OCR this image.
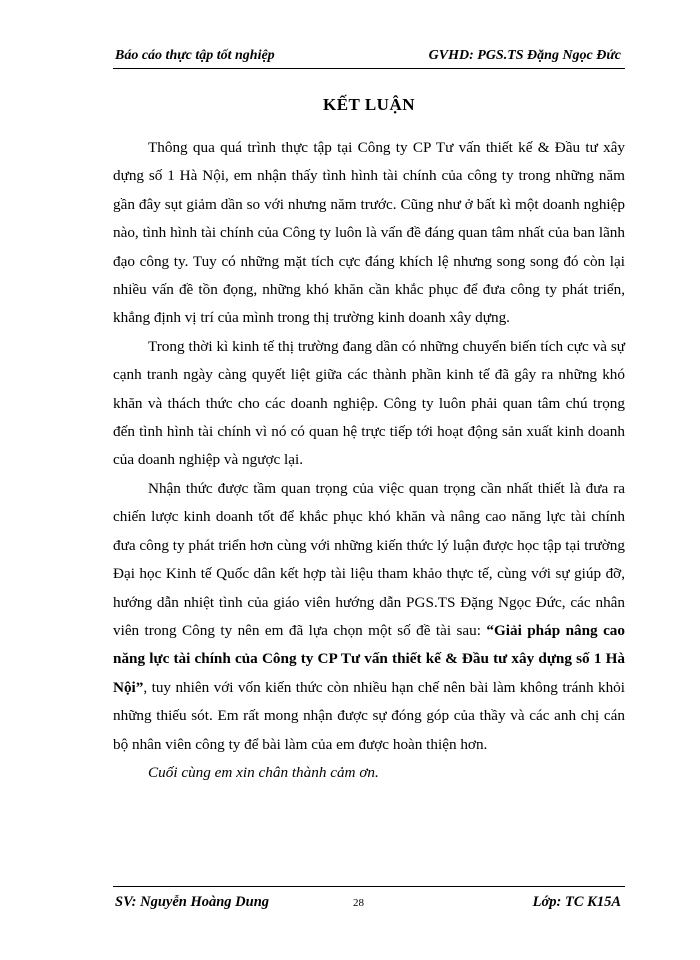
Báo cáo thực tập tốt nghiệp	GVHD: PGS.TS Đặng Ngọc Đức
KẾT LUẬN

Thông qua quá trình thực tập tại Công ty CP Tư vấn thiết kế & Đầu tư xây dựng số 1 Hà Nội, em nhận thấy tình hình tài chính của công ty trong những năm gần đây sụt giảm dần so với nhưng năm trước. Cũng như ở bất kì một doanh nghiệp nào, tình hình tài chính của Công ty luôn là vấn đề đáng quan tâm nhất của ban lãnh đạo công ty. Tuy có những mặt tích cực đáng khích lệ nhưng song song đó còn lại nhiều vấn đề tồn đọng, những khó khăn cần khắc phục để đưa công ty phát triển, khẳng định vị trí của mình trong thị trường kinh doanh xây dựng.

Trong thời kì kinh tế thị trường đang dần có những chuyển biến tích cực và sự cạnh tranh ngày càng quyết liệt giữa các thành phần kinh tế đã gây ra những khó khăn và thách thức cho các doanh nghiệp. Công ty luôn phải quan tâm chú trọng đến tình hình tài chính vì nó có quan hệ trực tiếp tới hoạt động sản xuất kinh doanh của doanh nghiệp và ngược lại.

Nhận thức được tầm quan trọng của việc quan trọng cần nhất thiết là đưa ra chiến lược kinh doanh tốt để khắc phục khó khăn và nâng cao năng lực tài chính đưa công ty phát triển hơn cùng với những kiến thức lý luận được học tập tại trường Đại học Kinh tế Quốc dân kết hợp tài liệu tham khảo thực tế, cùng với sự giúp đỡ, hướng dẫn nhiệt tình của giáo viên hướng dẫn PGS.TS Đặng Ngọc Đức, các nhân viên trong Công ty nên em đã lựa chọn một số đề tài sau: “Giải pháp nâng cao năng lực tài chính của Công ty CP Tư vấn thiết kế & Đầu tư xây dựng số 1 Hà Nội”, tuy nhiên với vốn kiến thức còn nhiều hạn chế nên bài làm không tránh khỏi những thiếu sót. Em rất mong nhận được sự đóng góp của thầy và các anh chị cán bộ nhân viên công ty để bài làm của em được hoàn thiện hơn.

Cuối cùng em xin chân thành cảm ơn.

SV: Nguyễn Hoàng Dung	28	Lớp: TC K15A
